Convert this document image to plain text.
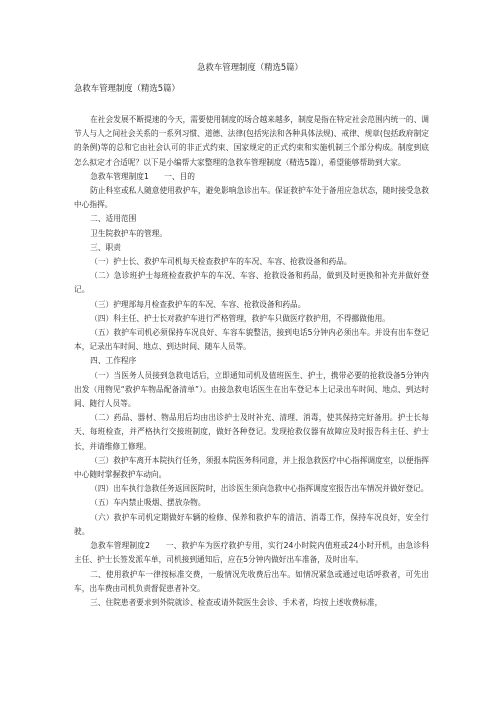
急救车管理制度（精选5篇）
急救车管理制度（精选5篇）

在社会发展不断提速的今天，需要使用制度的场合越来越多，制度是指在特定社会范围内统一的、调节人与人之间社会关系的一系列习惯、道德、法律(包括宪法和各种具体法规)、戒律、规章(包括政府制定的条例)等的总和它由社会认可的非正式约束、国家规定的正式约束和实施机制三个部分构成。制度到底怎么拟定才合适呢？以下是小编帮大家整理的急救车管理制度（精选5篇），希望能够帮助到大家。

急救车管理制度1　　一、目的

防止科室或私人随意使用救护车，避免影响急诊出车。保证救护车处于备用应急状态，随时接受急救中心指挥。

二、适用范围

卫生院救护车的管理。

三、职责

（一）护士长、救护车司机每天检查救护车的车况、车容、抢救设备和药品。

（二）急诊班护士每班检查救护车的车况、车容、抢救设备和药品，做到及时更换和补充并做好登记。

（三）护理部每月检查救护车的车况、车容、抢救设备和药品。

（四）科主任、护士长对救护车进行严格管理，救护车只做医疗救护用，不得挪做他用。

（五）救护车司机必须保持车况良好、车容车貌整洁，接到电话5分钟内必须出车。并设有出车登记本，记录出车时间、地点、到达时间、随车人员等。

四、工作程序

（一）当医务人员接到急救电话后，立即通知司机及值班医生、护士，携带必要的抢救设备5分钟内出发（用物见“救护车物品配备清单”）。由接急救电话医生在出车登记本上记录出车时间、地点、到达时间、随行人员等。

（二）药品、器材、物品用后均由出诊护士及时补充、清理、消毒，使其保持完好备用。护士长每天、每班检查，并严格执行交接班制度，做好各种登记。发现抢救仪器有故障应及时报告科主任、护士长，并请维修工修理。

（三）救护车离开本院执行任务，须报本院医务科同意，并上报急救医疗中心指挥调度室，以便指挥中心随时掌握救护车动向。

（四）出车执行急救任务返回医院时，出诊医生须向急救中心指挥调度室报告出车情况并做好登记。

（五）车内禁止吸烟、摆放杂物。

（六）救护车司机定期做好车辆的检修、保养和救护车的清洁、消毒工作，保持车况良好，安全行驶。

急救车管理制度2　　一、救护车为医疗救护专用，实行24小时院内值班或24小时开机，由急诊科主任、护士长签发派车单，司机接到通知后，应在5分钟内做好出车准备，及时出车。

二、使用救护车一律按标准交费，一般情况先收费后出车。如情况紧急或通过电话呼救者，可先出车，出车费由司机负责督促患者补交。

三、住院患者要求到外院就诊、检查或请外院医生会诊、手术者，均按上述收费标准，
